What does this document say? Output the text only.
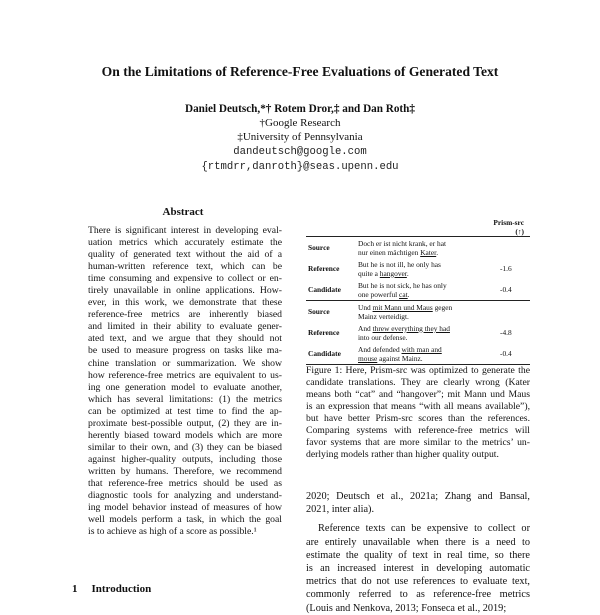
On the Limitations of Reference-Free Evaluations of Generated Text
Daniel Deutsch,*† Rotem Dror,‡ and Dan Roth‡
†Google Research
‡University of Pennsylvania
dandeutsch@google.com
{rtmdrr,danroth}@seas.upenn.edu
Abstract
There is significant interest in developing eval-
uation metrics which accurately estimate the
quality of generated text without the aid of a
human-written reference text, which can be
time consuming and expensive to collect or en-
tirely unavailable in online applications. How-
ever, in this work, we demonstrate that these
reference-free metrics are inherently biased
and limited in their ability to evaluate gener-
ated text, and we argue that they should not
be used to measure progress on tasks like ma-
chine translation or summarization. We show
how reference-free metrics are equivalent to us-
ing one generation model to evaluate another,
which has several limitations: (1) the metrics
can be optimized at test time to find the ap-
proximate best-possible output, (2) they are in-
herently biased toward models which are more
similar to their own, and (3) they can be biased
against higher-quality outputs, including those
written by humans. Therefore, we recommend
that reference-free metrics should be used as
diagnostic tools for analyzing and understand-
ing model behavior instead of measures of how
well models perform a task, in which the goal
is to achieve as high of a score as possible.¹
1 Introduction
		Prism-src (↑)
Source	Doch er ist nicht krank, er hat
nur einen mächtigen Kater.	
Reference	But he is not ill, he only has
quite a hangover.	-1.6
Candidate	But he is not sick, he has only
one powerful cat.	-0.4
Source	Und mit Mann und Maus gegen
Mainz verteidigt.	
Reference	And threw everything they had
into our defense.	-4.8
Candidate	And defended with man and
mouse against Mainz.	-0.4
Figure 1: Here, Prism-src was optimized to generate the
candidate translations. They are clearly wrong (Kater
means both “cat” and “hangover”; mit Mann und Maus
is an expression that means “with all means available”),
but have better Prism-src scores than the references.
Comparing systems with reference-free metrics will
favor systems that are more similar to the metrics’ un-
derlying models rather than higher quality output.
2020; Deutsch et al., 2021a; Zhang and Bansal,
2021, inter alia).
Reference texts can be expensive to collect or
are entirely unavailable when there is a need to
estimate the quality of text in real time, so there
is an increased interest in developing automatic
metrics that do not use references to evaluate text,
commonly referred to as reference-free metrics
(Louis and Nenkova, 2013; Fonseca et al., 2019;
